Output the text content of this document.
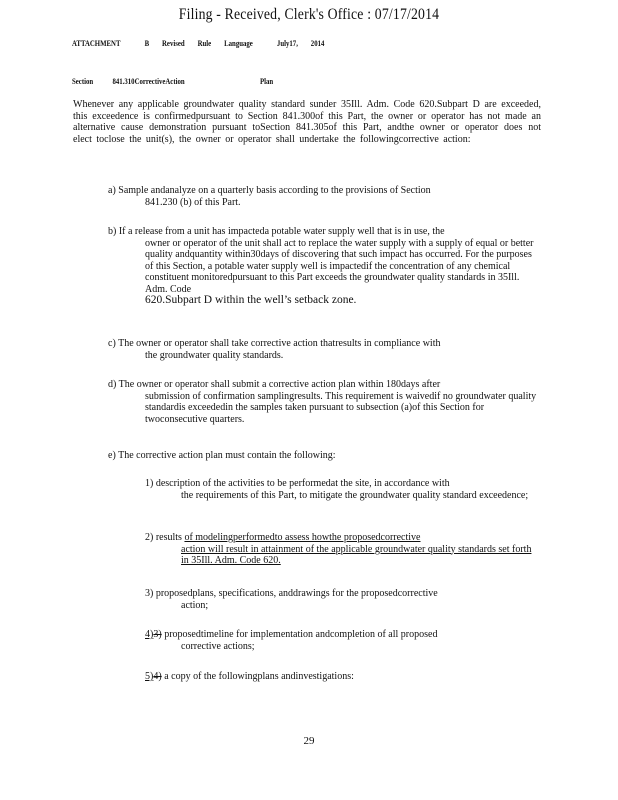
Filing - Received, Clerk's Office : 07/17/2014
ATTACHMENT	B Revised Rule Language	July17, 2014
Section 841.310CorrectiveAction	Plan
Whenever any applicable groundwater quality standard sunder 35Ill. Adm. Code 620.Subpart D are exceeded, this exceedence is confirmedpursuant to Section 841.300of this Part, the owner or operator has not made an alternative cause demonstration pursuant toSection 841.305of this Part, andthe owner or operator does not elect toclose the unit(s), the owner or operator shall undertake the followingcorrective action:
a) Sample andanalyze on a quarterly basis according to the provisions of Section
841.230 (b) of this Part.
b) If a release from a unit has impacteda potable water supply well that is in use, the
owner or operator of the unit shall act to replace the water supply with a supply of equal or better quality andquantity within30days of discovering that such impact has occurred. For the purposes of this Section, a potable water supply well is impactedif the concentration of any chemical constituent monitoredpursuant to this Part exceeds the groundwater quality standards in 35Ill. Adm. Code
620.Subpart D within the well’s setback zone.
c) The owner or operator shall take corrective action thatresults in compliance with
the groundwater quality standards.
d) The owner or operator shall submit a corrective action plan within 180days after
submission of confirmation samplingresults. This requirement is waivedif no groundwater quality standardis exceededin the samples taken pursuant to subsection (a)of this Section for twoconsecutive quarters.
e) The corrective action plan must contain the following:
1) description of the activities to be performedat the site, in accordance with
the requirements of this Part, to mitigate the groundwater quality standard exceedence;
2) results of modelingperformedto assess howthe proposedcorrective
action will result in attainment of the applicable groundwater quality standards set forth in 35Ill. Adm. Code 620.
3) proposedplans, specifications, anddrawings for the proposedcorrective
action;
4)3) proposedtimeline for implementation andcompletion of all proposed
corrective actions;
5)4) a copy of the followingplans andinvestigations:
29
